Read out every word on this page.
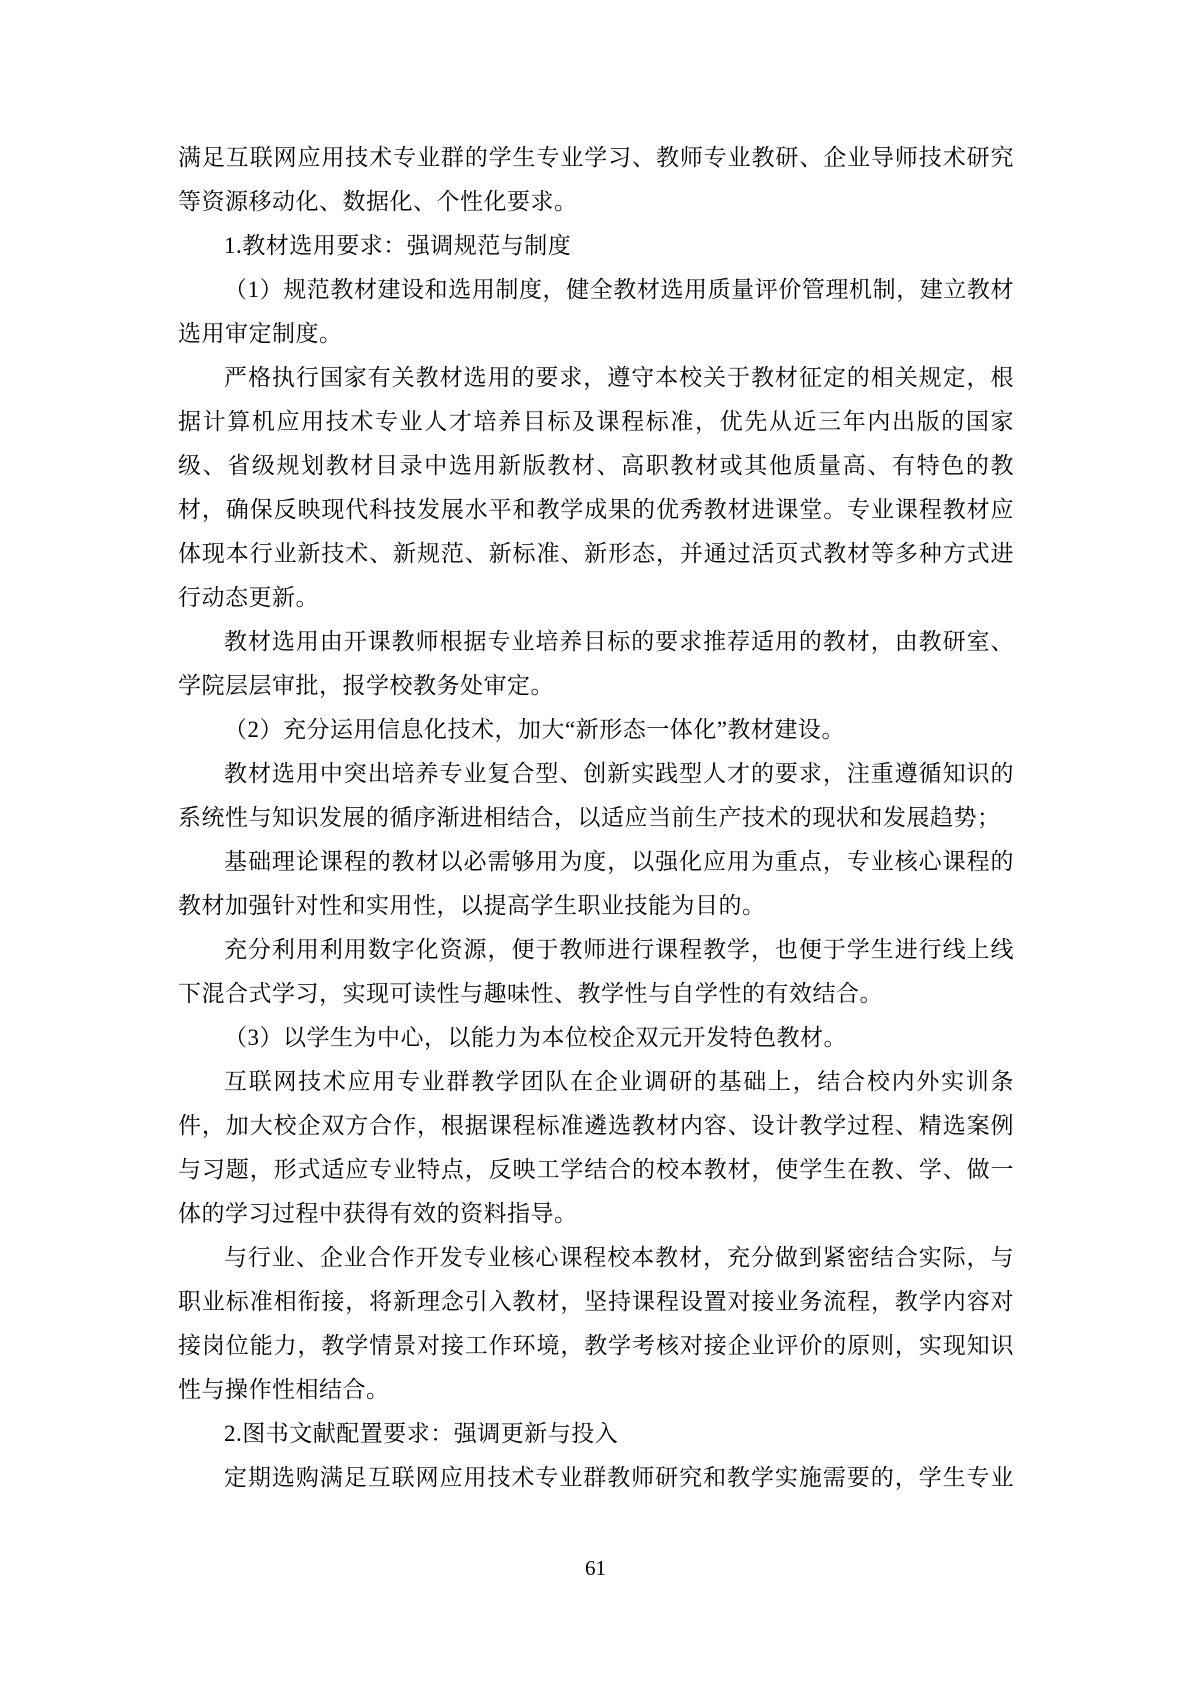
满足互联网应用技术专业群的学生专业学习、教师专业教研、企业导师技术研究等资源移动化、数据化、个性化要求。

1.教材选用要求：强调规范与制度

（1）规范教材建设和选用制度，健全教材选用质量评价管理机制，建立教材选用审定制度。

严格执行国家有关教材选用的要求，遵守本校关于教材征定的相关规定，根据计算机应用技术专业人才培养目标及课程标准，优先从近三年内出版的国家级、省级规划教材目录中选用新版教材、高职教材或其他质量高、有特色的教材，确保反映现代科技发展水平和教学成果的优秀教材进课堂。专业课程教材应体现本行业新技术、新规范、新标准、新形态，并通过活页式教材等多种方式进行动态更新。

教材选用由开课教师根据专业培养目标的要求推荐适用的教材，由教研室、学院层层审批，报学校教务处审定。

（2）充分运用信息化技术，加大“新形态一体化”教材建设。

教材选用中突出培养专业复合型、创新实践型人才的要求，注重遵循知识的系统性与知识发展的循序渐进相结合，以适应当前生产技术的现状和发展趋势；

基础理论课程的教材以必需够用为度，以强化应用为重点，专业核心课程的教材加强针对性和实用性，以提高学生职业技能为目的。

充分利用利用数字化资源，便于教师进行课程教学，也便于学生进行线上线下混合式学习，实现可读性与趣味性、教学性与自学性的有效结合。

（3）以学生为中心，以能力为本位校企双元开发特色教材。

互联网技术应用专业群教学团队在企业调研的基础上，结合校内外实训条件，加大校企双方合作，根据课程标准遴选教材内容、设计教学过程、精选案例与习题，形式适应专业特点，反映工学结合的校本教材，使学生在教、学、做一体的学习过程中获得有效的资料指导。

与行业、企业合作开发专业核心课程校本教材，充分做到紧密结合实际，与职业标准相衔接，将新理念引入教材，坚持课程设置对接业务流程，教学内容对接岗位能力，教学情景对接工作环境，教学考核对接企业评价的原则，实现知识性与操作性相结合。

2.图书文献配置要求：强调更新与投入

定期选购满足互联网应用技术专业群教师研究和教学实施需要的，学生专业

61
